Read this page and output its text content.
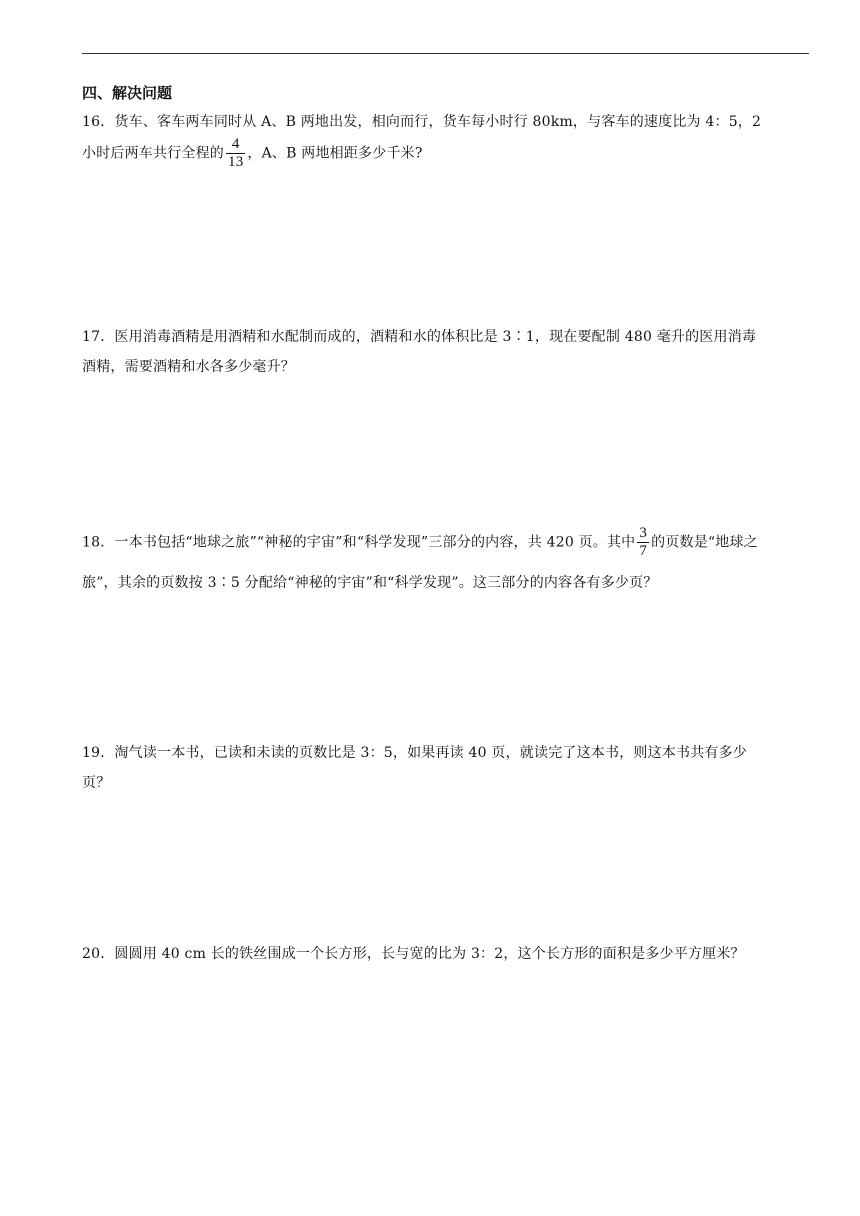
四、解决问题
16．货车、客车两车同时从 A、B 两地出发，相向而行，货车每小时行 80km，与客车的速度比为 4：5，2
小时后两车共行全程的 $\frac{4}{13}$ ，A、B 两地相距多少千米?
17．医用消毒酒精是用酒精和水配制而成的，酒精和水的体积比是 3∶1，现在要配制 480 毫升的医用消毒
酒精，需要酒精和水各多少毫升？
18．一本书包括“地球之旅”“神秘的宇宙”和“科学发现”三部分的内容，共 420 页。其中 $\frac{3}{7}$ 的页数是“地球之
旅”，其余的页数按 3∶5 分配给“神秘的宇宙”和“科学发现”。这三部分的内容各有多少页？
19．淘气读一本书，已读和未读的页数比是 3：5，如果再读 40 页，就读完了这本书，则这本书共有多少
页？
20．圆圆用 40 cm 长的铁丝围成一个长方形，长与宽的比为 3：2，这个长方形的面积是多少平方厘米？
